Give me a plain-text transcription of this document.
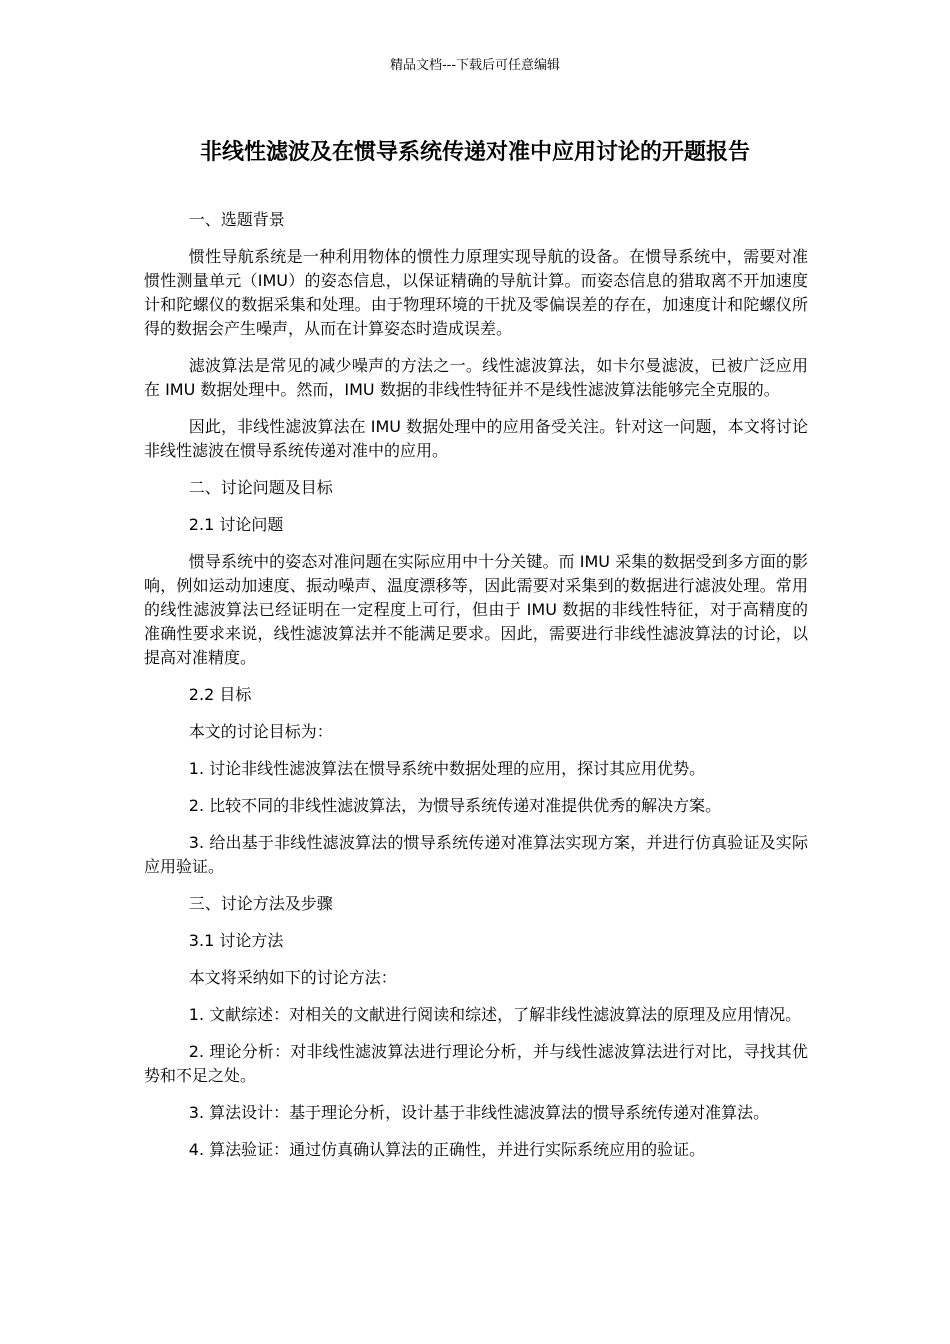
精品文档---下载后可任意编辑
非线性滤波及在惯导系统传递对准中应用讨论的开题报告

一、选题背景

惯性导航系统是一种利用物体的惯性力原理实现导航的设备。在惯导系统中，需要对准惯性测量单元（IMU）的姿态信息，以保证精确的导航计算。而姿态信息的猎取离不开加速度计和陀螺仪的数据采集和处理。由于物理环境的干扰及零偏误差的存在，加速度计和陀螺仪所得的数据会产生噪声，从而在计算姿态时造成误差。

滤波算法是常见的减少噪声的方法之一。线性滤波算法，如卡尔曼滤波，已被广泛应用在 IMU 数据处理中。然而，IMU 数据的非线性特征并不是线性滤波算法能够完全克服的。

因此，非线性滤波算法在 IMU 数据处理中的应用备受关注。针对这一问题，本文将讨论非线性滤波在惯导系统传递对准中的应用。

二、讨论问题及目标

2.1 讨论问题

惯导系统中的姿态对准问题在实际应用中十分关键。而 IMU 采集的数据受到多方面的影响，例如运动加速度、振动噪声、温度漂移等，因此需要对采集到的数据进行滤波处理。常用的线性滤波算法已经证明在一定程度上可行，但由于 IMU 数据的非线性特征，对于高精度的准确性要求来说，线性滤波算法并不能满足要求。因此，需要进行非线性滤波算法的讨论，以提高对准精度。

2.2 目标

本文的讨论目标为：

1. 讨论非线性滤波算法在惯导系统中数据处理的应用，探讨其应用优势。

2. 比较不同的非线性滤波算法，为惯导系统传递对准提供优秀的解决方案。

3. 给出基于非线性滤波算法的惯导系统传递对准算法实现方案，并进行仿真验证及实际应用验证。

三、讨论方法及步骤

3.1 讨论方法

本文将采纳如下的讨论方法：

1. 文献综述：对相关的文献进行阅读和综述，了解非线性滤波算法的原理及应用情况。

2. 理论分析：对非线性滤波算法进行理论分析，并与线性滤波算法进行对比，寻找其优势和不足之处。

3. 算法设计：基于理论分析，设计基于非线性滤波算法的惯导系统传递对准算法。

4. 算法验证：通过仿真确认算法的正确性，并进行实际系统应用的验证。
